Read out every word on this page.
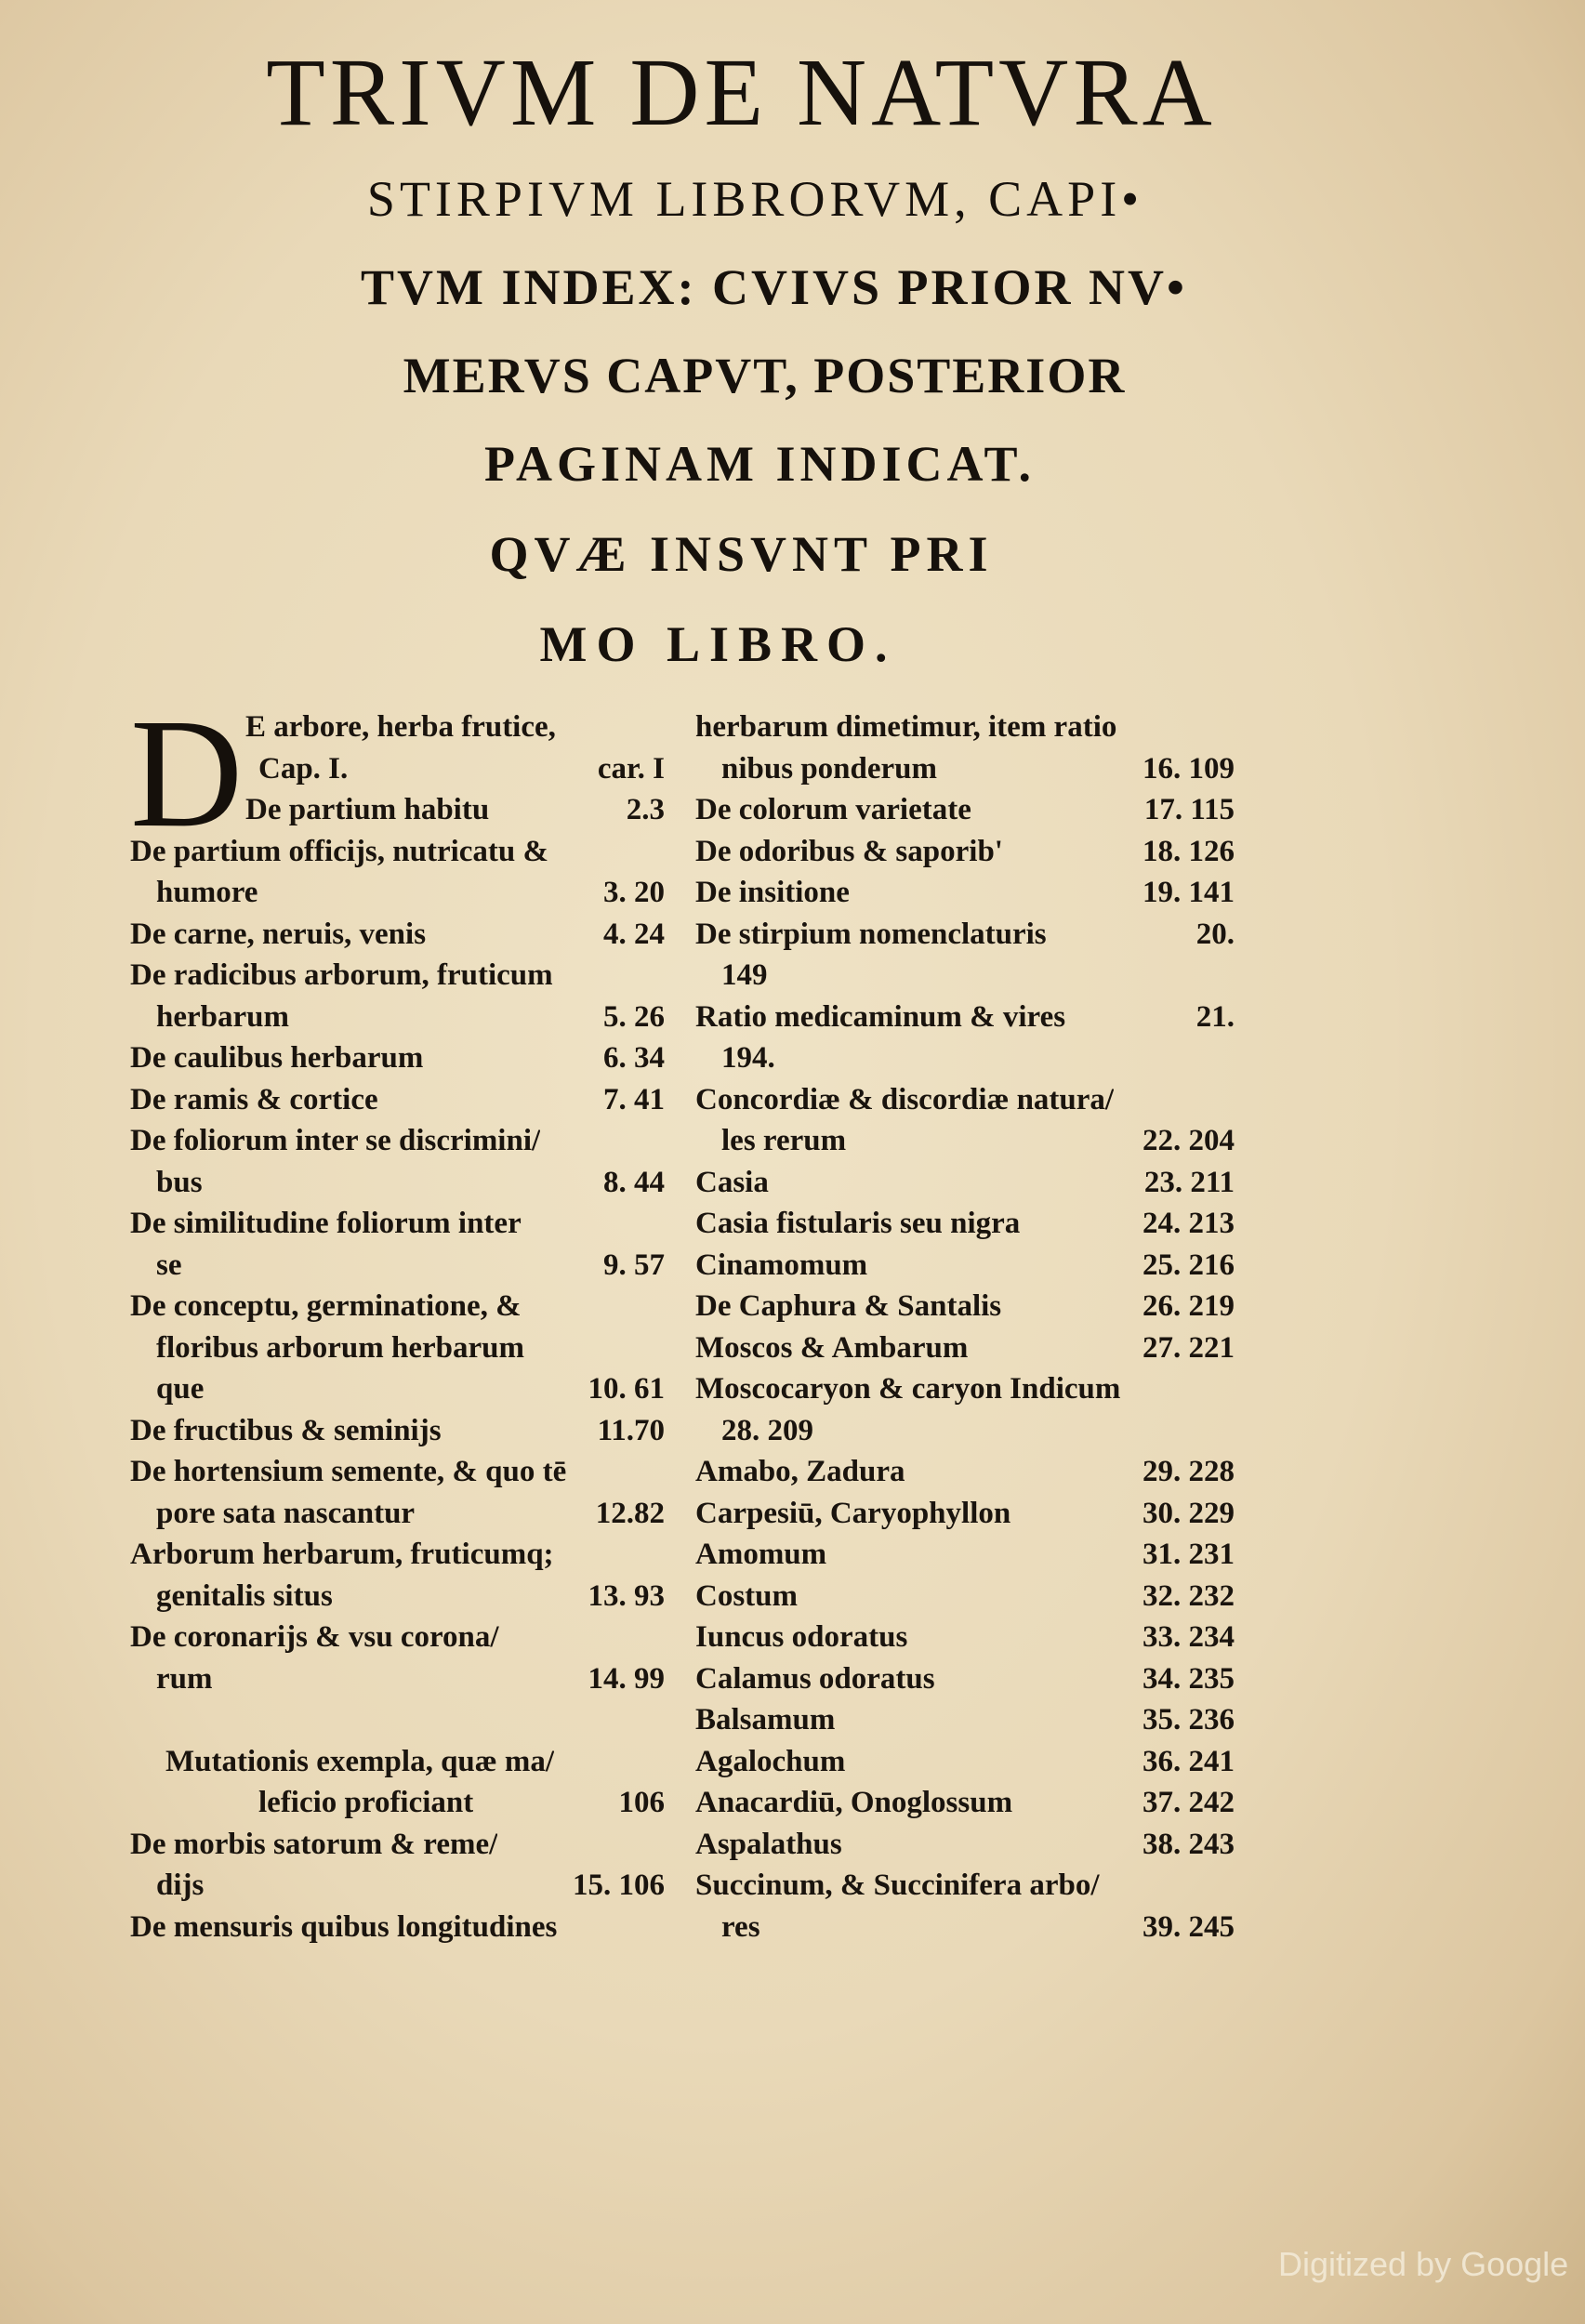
TRIVM DE NATVRA
STIRPIVM LIBRORVM, CAPI•
TVM INDEX: CVIVS PRIOR NV•
MERVS CAPVT, POSTERIOR
PAGINAM INDICAT.
QVÆ INSVNT PRI
MO LIBRO.
D E arbore, herba frutice,
Cap. I.	car. I
De partium habitu	2.3
De partium officijs, nutricatu &
humore	3. 20
De carne, neruis, venis	4. 24
De radicibus arborum, fruticum
herbarum	5. 26
De caulibus herbarum	6. 34
De ramis & cortice	7. 41
De foliorum inter se discrimini/
bus	8. 44
De similitudine foliorum inter
se	9. 57
De conceptu, germinatione, &
floribus arborum herbarum
que	10. 61
De fructibus & seminijs	11.70
De hortensium semente, & quo tē
pore sata nascantur	12.82
Arborum herbarum, fruticumq;
genitalis situs	13. 93
De coronarijs & vsu corona/
rum	14. 99
Mutationis exempla, quæ ma/
leficio proficiant	106
De morbis satorum & reme/
dijs	15. 106
De mensuris quibus longitudines
herbarum dimetimur, item ratio
nibus ponderum	16. 109
De colorum varietate	17. 115
De odoribus & saporib'	18. 126
De insitione	19. 141
De stirpium nomenclaturis	20.
149
Ratio medicaminum & vires	21.
194.
Concordiæ & discordiæ natura/
les rerum	22. 204
Casia	23. 211
Casia fistularis seu nigra	24. 213
Cinamomum	25. 216
De Caphura & Santalis	26. 219
Moscos & Ambarum	27. 221
Moscocaryon & caryon Indicum
28. 209
Amabo, Zadura	29. 228
Carpesiū, Caryophyllon	30. 229
Amomum	31. 231
Costum	32. 232
Iuncus odoratus	33. 234
Calamus odoratus	34. 235
Balsamum	35. 236
Agalochum	36. 241
Anacardiū, Onoglossum	37. 242
Aspalathus	38. 243
Succinum, & Succinifera arbo/
res	39. 245
Digitized by Google
